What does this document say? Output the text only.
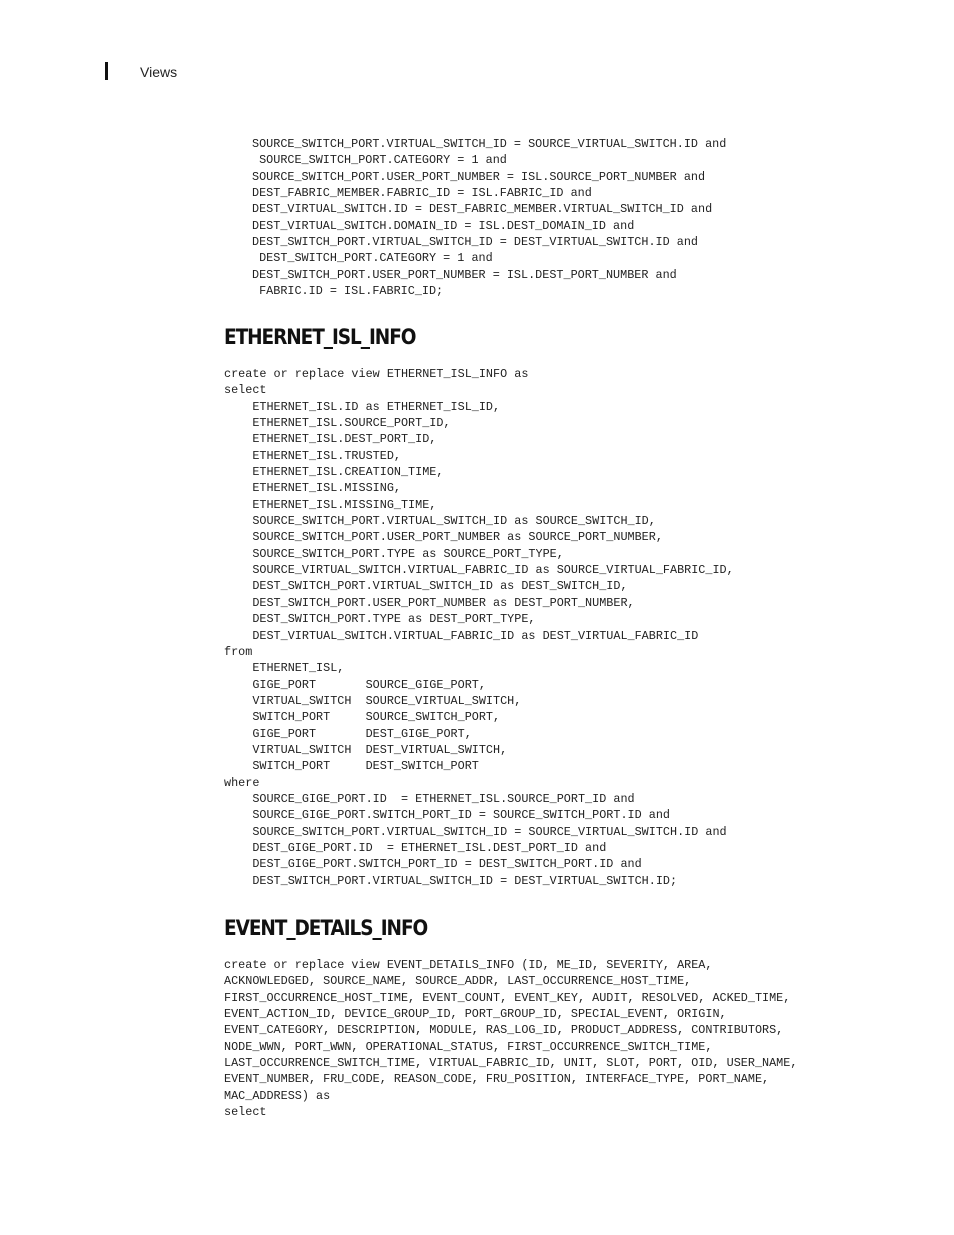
Views
SOURCE_SWITCH_PORT.VIRTUAL_SWITCH_ID = SOURCE_VIRTUAL_SWITCH.ID and
SOURCE_SWITCH_PORT.CATEGORY = 1 and
SOURCE_SWITCH_PORT.USER_PORT_NUMBER = ISL.SOURCE_PORT_NUMBER and
DEST_FABRIC_MEMBER.FABRIC_ID = ISL.FABRIC_ID and
DEST_VIRTUAL_SWITCH.ID = DEST_FABRIC_MEMBER.VIRTUAL_SWITCH_ID and
DEST_VIRTUAL_SWITCH.DOMAIN_ID = ISL.DEST_DOMAIN_ID and
DEST_SWITCH_PORT.VIRTUAL_SWITCH_ID = DEST_VIRTUAL_SWITCH.ID and
DEST_SWITCH_PORT.CATEGORY = 1 and
DEST_SWITCH_PORT.USER_PORT_NUMBER = ISL.DEST_PORT_NUMBER and
FABRIC.ID = ISL.FABRIC_ID;
ETHERNET_ISL_INFO
create or replace view ETHERNET_ISL_INFO as
select
ETHERNET_ISL.ID as ETHERNET_ISL_ID,
ETHERNET_ISL.SOURCE_PORT_ID,
ETHERNET_ISL.DEST_PORT_ID,
ETHERNET_ISL.TRUSTED,
ETHERNET_ISL.CREATION_TIME,
ETHERNET_ISL.MISSING,
ETHERNET_ISL.MISSING_TIME,
SOURCE_SWITCH_PORT.VIRTUAL_SWITCH_ID as SOURCE_SWITCH_ID,
SOURCE_SWITCH_PORT.USER_PORT_NUMBER as SOURCE_PORT_NUMBER,
SOURCE_SWITCH_PORT.TYPE as SOURCE_PORT_TYPE,
SOURCE_VIRTUAL_SWITCH.VIRTUAL_FABRIC_ID as SOURCE_VIRTUAL_FABRIC_ID,
DEST_SWITCH_PORT.VIRTUAL_SWITCH_ID as DEST_SWITCH_ID,
DEST_SWITCH_PORT.USER_PORT_NUMBER as DEST_PORT_NUMBER,
DEST_SWITCH_PORT.TYPE as DEST_PORT_TYPE,
DEST_VIRTUAL_SWITCH.VIRTUAL_FABRIC_ID as DEST_VIRTUAL_FABRIC_ID
from
ETHERNET_ISL,
GIGE_PORT       SOURCE_GIGE_PORT,
VIRTUAL_SWITCH  SOURCE_VIRTUAL_SWITCH,
SWITCH_PORT     SOURCE_SWITCH_PORT,
GIGE_PORT       DEST_GIGE_PORT,
VIRTUAL_SWITCH  DEST_VIRTUAL_SWITCH,
SWITCH_PORT     DEST_SWITCH_PORT
where
SOURCE_GIGE_PORT.ID  = ETHERNET_ISL.SOURCE_PORT_ID and
SOURCE_GIGE_PORT.SWITCH_PORT_ID = SOURCE_SWITCH_PORT.ID and
SOURCE_SWITCH_PORT.VIRTUAL_SWITCH_ID = SOURCE_VIRTUAL_SWITCH.ID and
DEST_GIGE_PORT.ID  = ETHERNET_ISL.DEST_PORT_ID and
DEST_GIGE_PORT.SWITCH_PORT_ID = DEST_SWITCH_PORT.ID and
DEST_SWITCH_PORT.VIRTUAL_SWITCH_ID = DEST_VIRTUAL_SWITCH.ID;
EVENT_DETAILS_INFO
create or replace view EVENT_DETAILS_INFO (ID, ME_ID, SEVERITY, AREA,
ACKNOWLEDGED, SOURCE_NAME, SOURCE_ADDR, LAST_OCCURRENCE_HOST_TIME,
FIRST_OCCURRENCE_HOST_TIME, EVENT_COUNT, EVENT_KEY, AUDIT, RESOLVED, ACKED_TIME,
EVENT_ACTION_ID, DEVICE_GROUP_ID, PORT_GROUP_ID, SPECIAL_EVENT, ORIGIN,
EVENT_CATEGORY, DESCRIPTION, MODULE, RAS_LOG_ID, PRODUCT_ADDRESS, CONTRIBUTORS,
NODE_WWN, PORT_WWN, OPERATIONAL_STATUS, FIRST_OCCURRENCE_SWITCH_TIME,
LAST_OCCURRENCE_SWITCH_TIME, VIRTUAL_FABRIC_ID, UNIT, SLOT, PORT, OID, USER_NAME,
EVENT_NUMBER, FRU_CODE, REASON_CODE, FRU_POSITION, INTERFACE_TYPE, PORT_NAME,
MAC_ADDRESS) as
select
